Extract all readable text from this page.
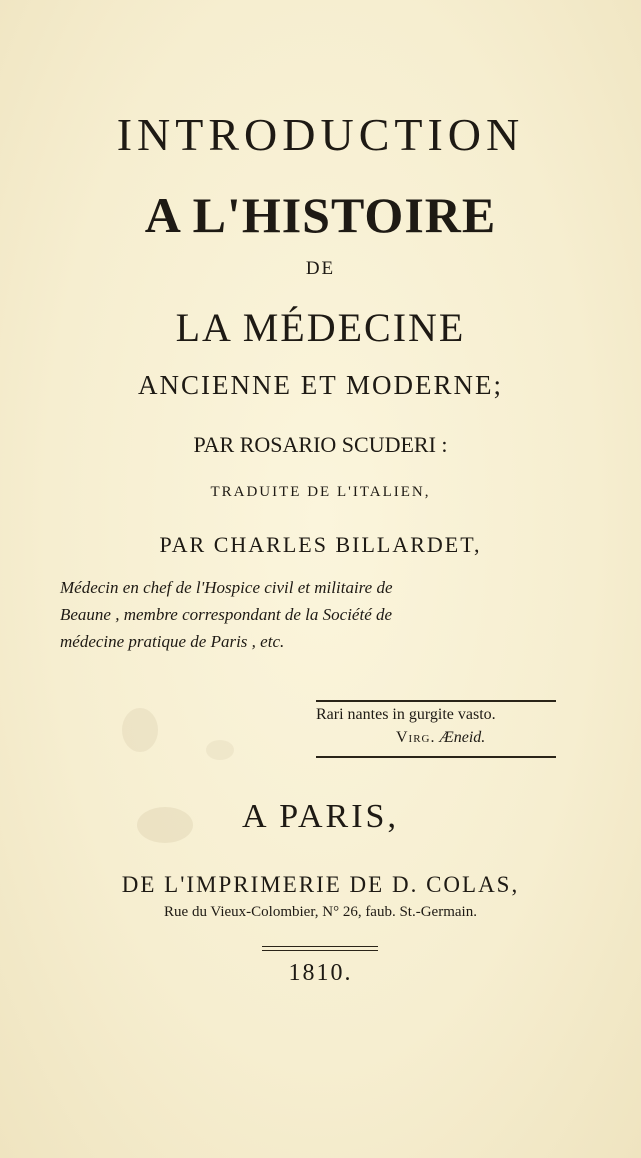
INTRODUCTION
A L'HISTOIRE
DE
LA MÉDECINE
ANCIENNE ET MODERNE;
PAR ROSARIO SCUDERI :
TRADUITE DE L'ITALIEN,
PAR CHARLES BILLARDET,
Médecin en chef de l'Hospice civil et militaire de
Beaune , membre correspondant de la Société de
médecine pratique de Paris , etc.
Rari nantes in gurgite vasto.
Virg. Æneid.
A PARIS,
DE L'IMPRIMERIE DE D. COLAS,
Rue du Vieux-Colombier, N° 26, faub. St.-Germain.
1810.
